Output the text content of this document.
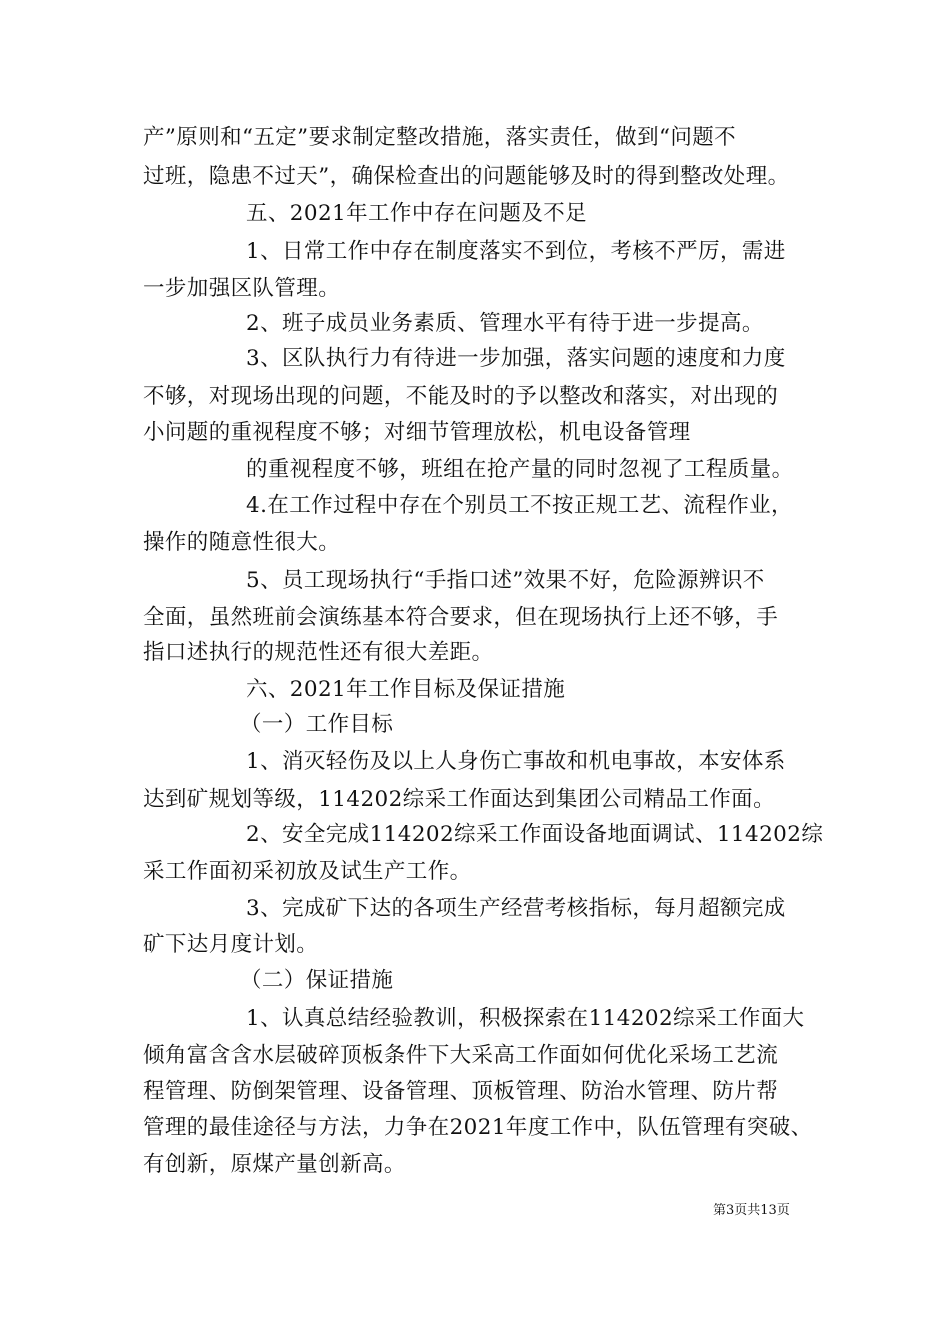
产”原则和“五定”要求制定整改措施，落实责任，做到“问题不
过班，隐患不过天”，确保检查出的问题能够及时的得到整改处理。
五、2021年工作中存在问题及不足
1、日常工作中存在制度落实不到位，考核不严厉，需进
一步加强区队管理。
2、班子成员业务素质、管理水平有待于进一步提高。
3、区队执行力有待进一步加强，落实问题的速度和力度
不够，对现场出现的问题，不能及时的予以整改和落实，对出现的
小问题的重视程度不够；对细节管理放松，机电设备管理
的重视程度不够，班组在抢产量的同时忽视了工程质量。
4.在工作过程中存在个别员工不按正规工艺、流程作业，
操作的随意性很大。
5、员工现场执行“手指口述”效果不好，危险源辨识不
全面，虽然班前会演练基本符合要求，但在现场执行上还不够，手
指口述执行的规范性还有很大差距。
六、2021年工作目标及保证措施
（一）工作目标
1、消灭轻伤及以上人身伤亡事故和机电事故，本安体系
达到矿规划等级，114202综采工作面达到集团公司精品工作面。
2、安全完成114202综采工作面设备地面调试、114202综
采工作面初采初放及试生产工作。
3、完成矿下达的各项生产经营考核指标，每月超额完成
矿下达月度计划。
（二）保证措施
1、认真总结经验教训，积极探索在114202综采工作面大
倾角富含含水层破碎顶板条件下大采高工作面如何优化采场工艺流
程管理、防倒架管理、设备管理、顶板管理、防治水管理、防片帮
管理的最佳途径与方法，力争在2021年度工作中，队伍管理有突破、
有创新，原煤产量创新高。
第3页共13页
